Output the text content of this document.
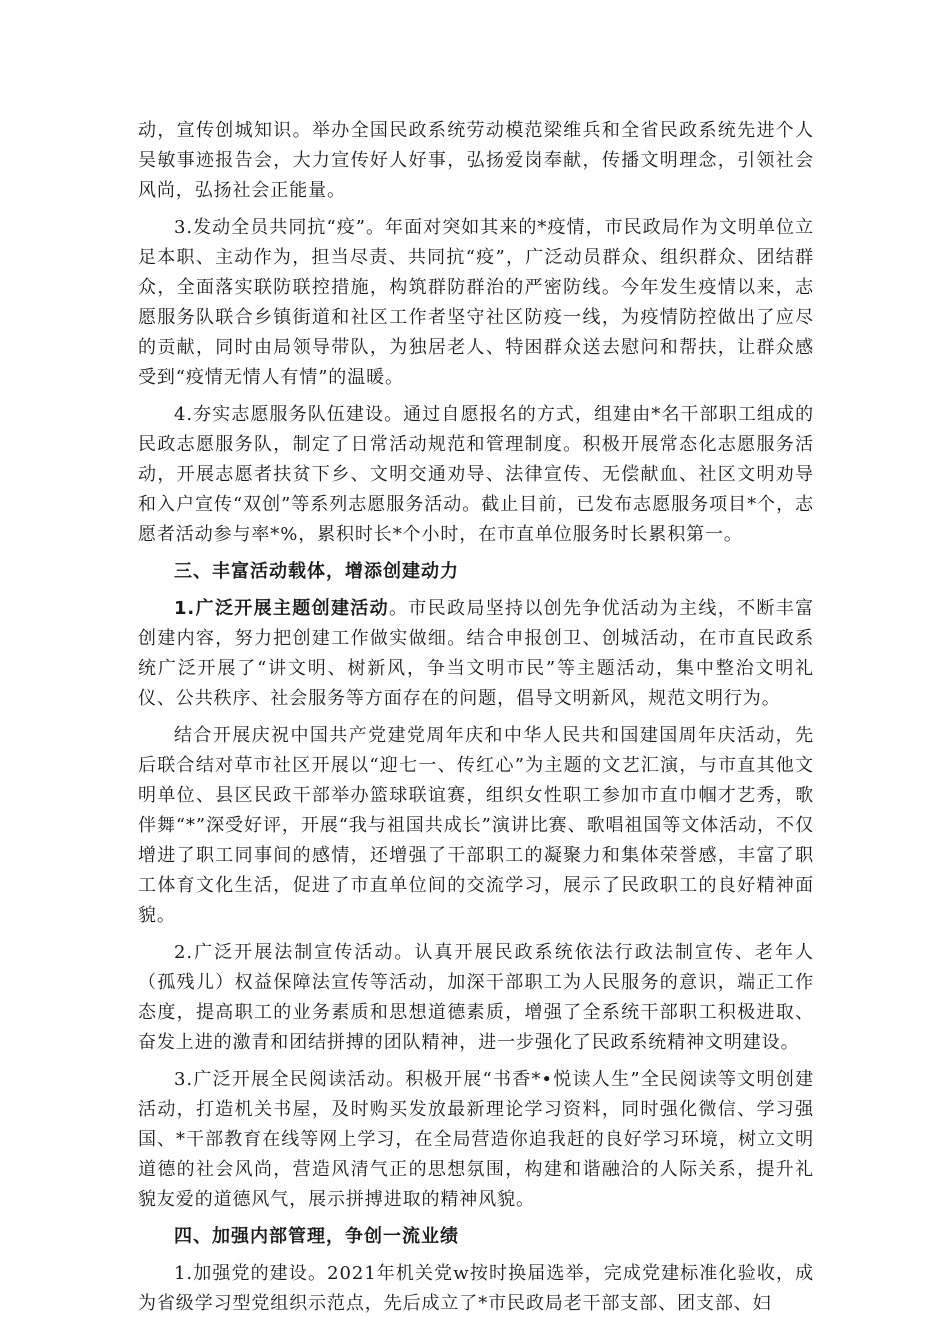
动，宣传创城知识。举办全国民政系统劳动模范梁维兵和全省民政系统先进个人吴敏事迹报告会，大力宣传好人好事，弘扬爱岗奉献，传播文明理念，引领社会风尚，弘扬社会正能量。

3.发动全员共同抗“疫”。年面对突如其来的*疫情，市民政局作为文明单位立足本职、主动作为，担当尽责、共同抗“疫”，广泛动员群众、组织群众、团结群众，全面落实联防联控措施，构筑群防群治的严密防线。今年发生疫情以来，志愿服务队联合乡镇街道和社区工作者坚守社区防疫一线，为疫情防控做出了应尽的贡献，同时由局领导带队，为独居老人、特困群众送去慰问和帮扶，让群众感受到“疫情无情人有情”的温暖。

4.夯实志愿服务队伍建设。通过自愿报名的方式，组建由*名干部职工组成的民政志愿服务队，制定了日常活动规范和管理制度。积极开展常态化志愿服务活动，开展志愿者扶贫下乡、文明交通劝导、法律宣传、无偿献血、社区文明劝导和入户宣传“双创”等系列志愿服务活动。截止目前，已发布志愿服务项目*个，志愿者活动参与率*%，累积时长*个小时，在市直单位服务时长累积第一。

三、丰富活动载体，增添创建动力

1.广泛开展主题创建活动。市民政局坚持以创先争优活动为主线，不断丰富创建内容，努力把创建工作做实做细。结合申报创卫、创城活动，在市直民政系统广泛开展了“讲文明、树新风，争当文明市民”等主题活动，集中整治文明礼仪、公共秩序、社会服务等方面存在的问题，倡导文明新风，规范文明行为。

结合开展庆祝中国共产党建党周年庆和中华人民共和国建国周年庆活动，先后联合结对草市社区开展以“迎七一、传红心”为主题的文艺汇演，与市直其他文明单位、县区民政干部举办篮球联谊赛，组织女性职工参加市直巾帼才艺秀，歌伴舞“*”深受好评，开展“我与祖国共成长”演讲比赛、歌唱祖国等文体活动，不仅增进了职工同事间的感情，还增强了干部职工的凝聚力和集体荣誉感，丰富了职工体育文化生活，促进了市直单位间的交流学习，展示了民政职工的良好精神面貌。

2.广泛开展法制宣传活动。认真开展民政系统依法行政法制宣传、老年人（孤残儿）权益保障法宣传等活动，加深干部职工为人民服务的意识，端正工作态度，提高职工的业务素质和思想道德素质，增强了全系统干部职工积极进取、奋发上进的激青和团结拼搏的团队精神，进一步强化了民政系统精神文明建设。

3.广泛开展全民阅读活动。积极开展“书香*•悦读人生”全民阅读等文明创建活动，打造机关书屋，及时购买发放最新理论学习资料，同时强化微信、学习强国、*干部教育在线等网上学习，在全局营造你追我赶的良好学习环境，树立文明道德的社会风尚，营造风清气正的思想氛围，构建和谐融洽的人际关系，提升礼貌友爱的道德风气，展示拼搏进取的精神风貌。

四、加强内部管理，争创一流业绩

1.加强党的建设。2021年机关党w按时换届选举，完成党建标准化验收，成为省级学习型党组织示范点，先后成立了*市民政局老干部支部、团支部、妇
